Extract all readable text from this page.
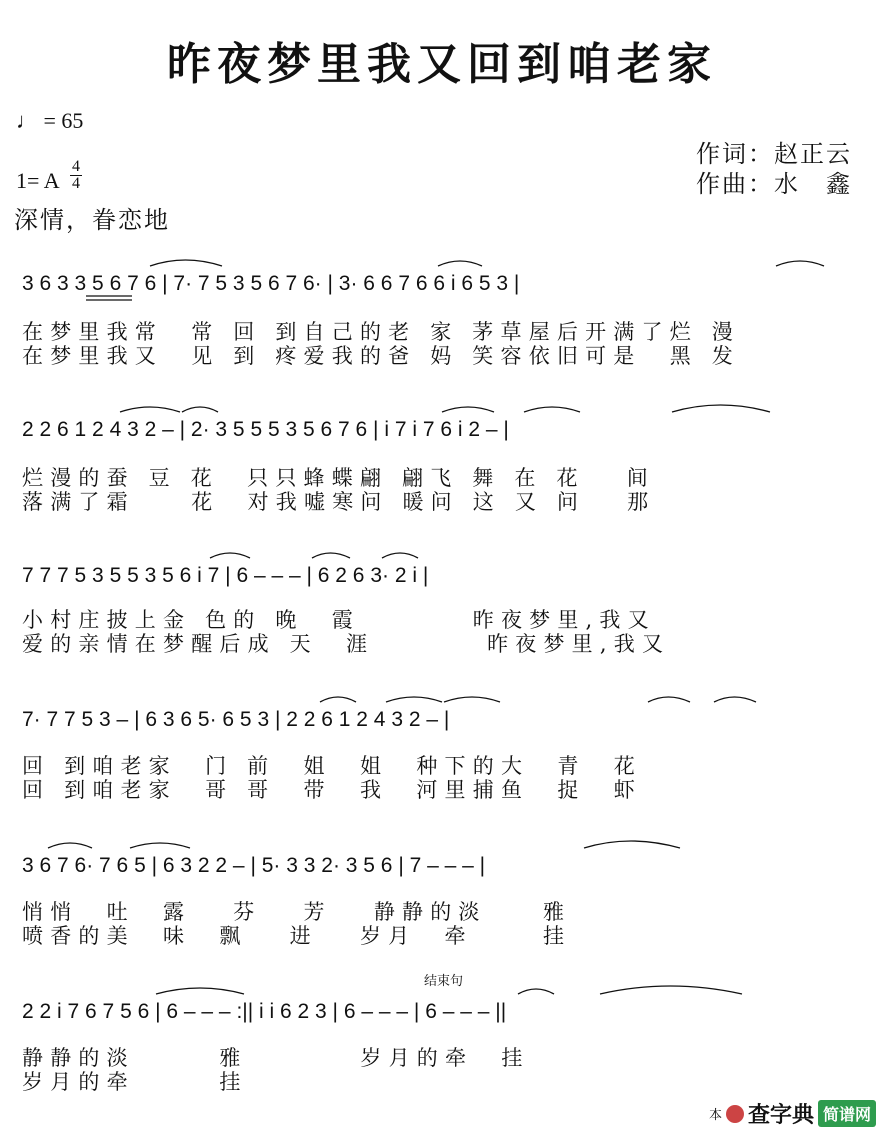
昨夜梦里我又回到咱老家
♩ = 65
1= A
4
4
深情，眷恋地
作词：赵正云
作曲：水　鑫
3 6 3 3 5 6 7 6 | 7· 7 5 3 5 6 7 6· | 3· 6 6 7 6 6 i 6 5 3 |
在梦里我常　常 回 到自己的老 家 茅草屋后开满了烂 漫
在梦里我又　见 到 疼爱我的爸 妈 笑容依旧可是　黑 发
2 2 6 1 2 4 3 2 – | 2· 3 5 5 5 3 5 6 7 6 | i 7 i 7 6 i 2 – |
烂漫的蚕 豆 花　只只蜂蝶翩 翩飞 舞 在 花　 间
落满了霜　　花　对我嘘寒问 暖问 这 又 问　 那
7 7 7 5 3 5 5 3 5 6 i 7 | 6 – – – | 6 2 6 3· 2 i |
小村庄披上金 色的 晚　霞　　　　昨夜梦里,我又
爱的亲情在梦醒后成 天　涯　　　　昨夜梦里,我又
7· 7 7 5 3 – | 6 3 6 5· 6 5 3 | 2 2 6 1 2 4 3 2 – |
回 到咱老家　门 前　姐　姐　种下的大　青　花
回 到咱老家　哥 哥　带　我　河里捕鱼　捉　虾
3 6 7 6· 7 6 5 | 6 3 2 2 – | 5· 3 3 2· 3 5 6 | 7 – – – |
悄悄　吐　露　 芬　 芳　 静静的淡　　雅
喷香的美　味　飘　 进　 岁月　牵　　 挂
结束句
2 2 i 7 6 7 5 6 | 6 – – – :|| i i 6 2 3 | 6 – – – | 6 – – – ||
静静的淡　　　雅　　　　岁月的牵　挂
岁月的牵　　　挂
本 查字典 简谱网
